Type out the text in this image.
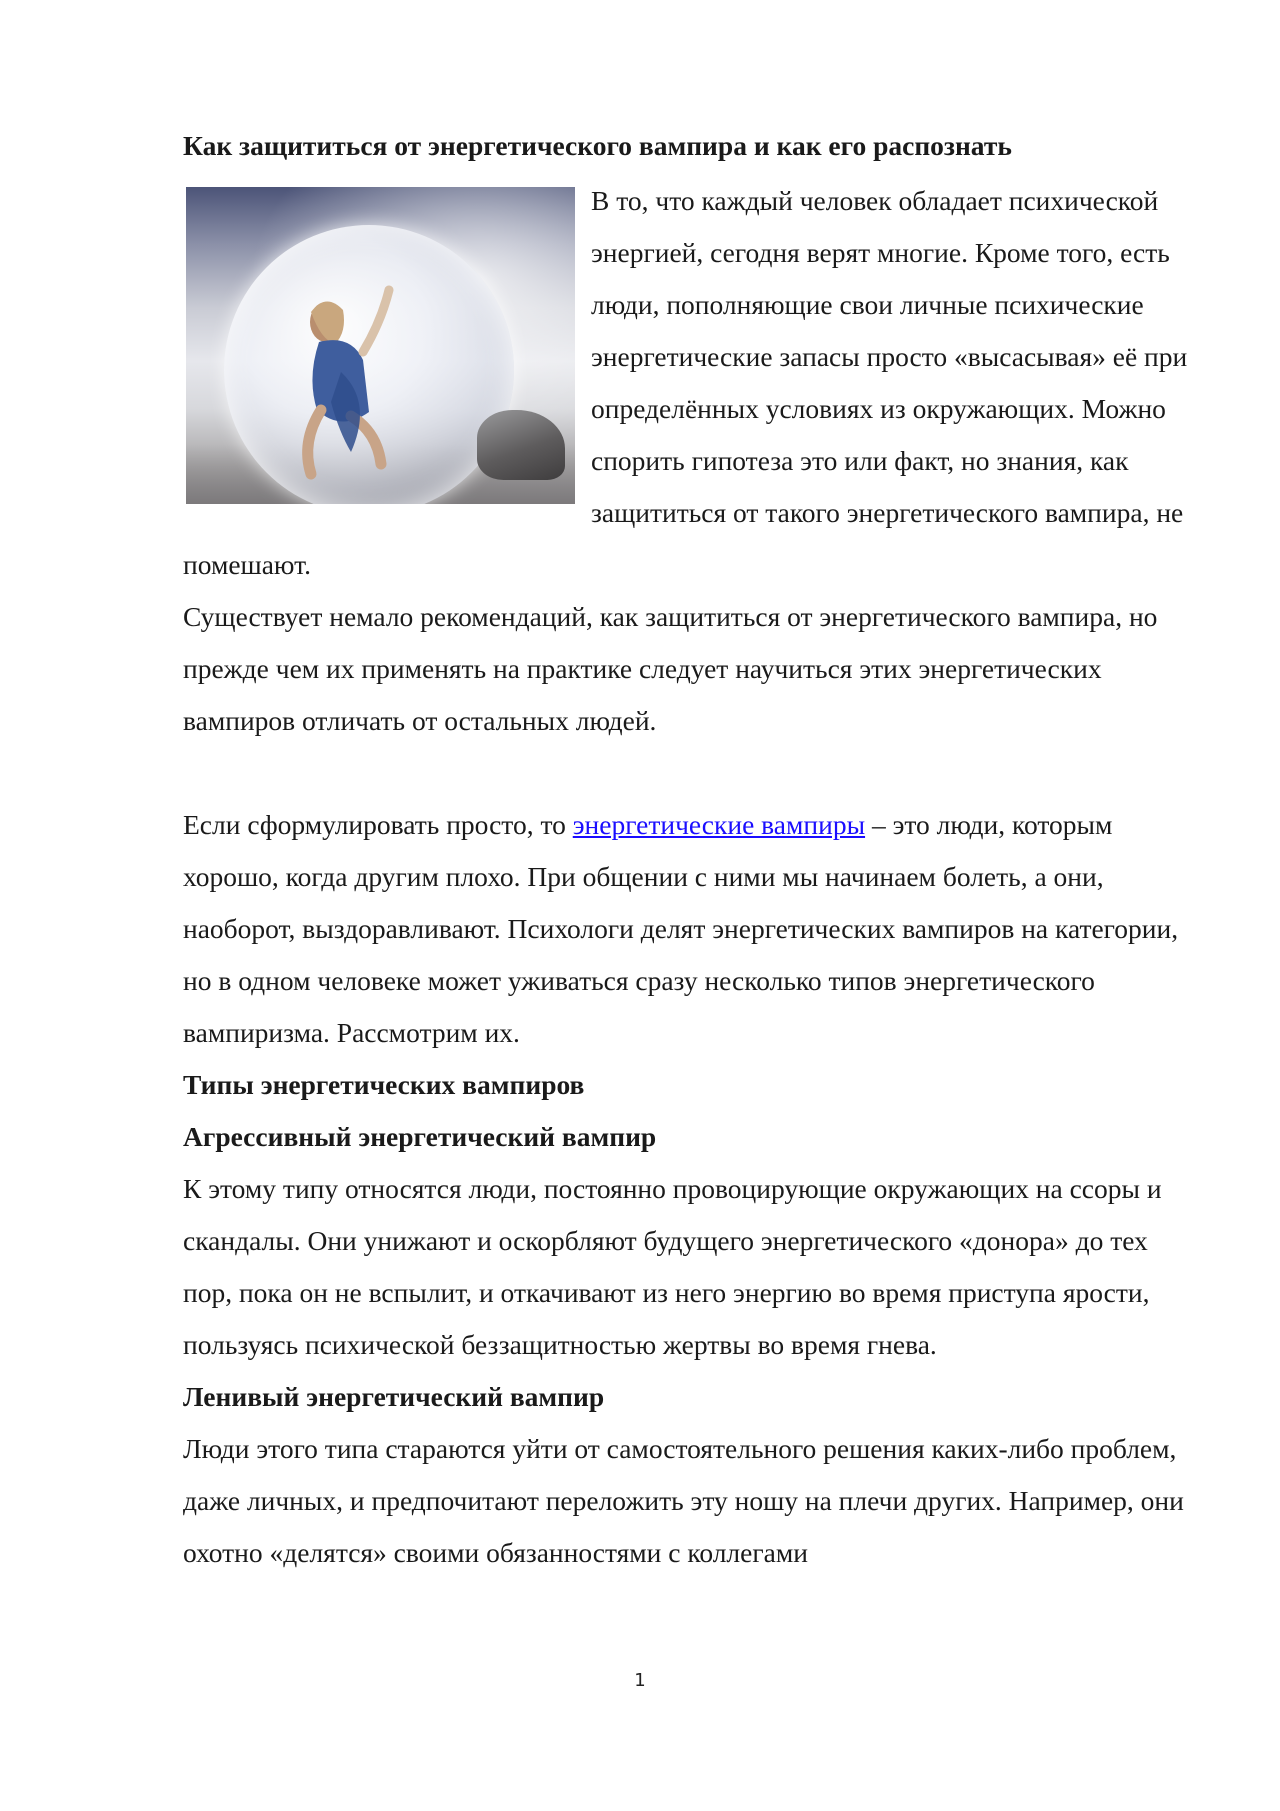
Как защититься от энергетического вампира и как его распознать

В то, что каждый человек обладает психической энергией, сегодня верят многие. Кроме того, есть люди, пополняющие свои личные психические энергетические запасы просто «высасывая» её при определённых условиях из окружающих. Можно спорить гипотеза это или факт, но знания, как защититься от такого энергетического вампира, не помешают.

Существует немало рекомендаций, как защититься от энергетического вампира, но прежде чем их применять на практике следует научиться этих энергетических вампиров отличать от остальных людей.

Если сформулировать просто, то энергетические вампиры – это люди, которым хорошо, когда другим плохо. При общении с ними мы начинаем болеть, а они, наоборот, выздоравливают. Психологи делят энергетических вампиров на категории, но в одном человеке может уживаться сразу несколько типов энергетического вампиризма. Рассмотрим их.

Типы энергетических вампиров

Агрессивный энергетический вампир

К этому типу относятся люди, постоянно провоцирующие окружающих на ссоры и скандалы. Они унижают и оскорбляют будущего энергетического «донора» до тех пор, пока он не вспылит, и откачивают из него энергию во время приступа ярости, пользуясь психической беззащитностью жертвы во время гнева.

Ленивый энергетический вампир

Люди этого типа стараются уйти от самостоятельного решения каких-либо проблем, даже личных, и предпочитают переложить эту ношу на плечи других. Например, они охотно «делятся» своими обязанностями с коллегами

1
